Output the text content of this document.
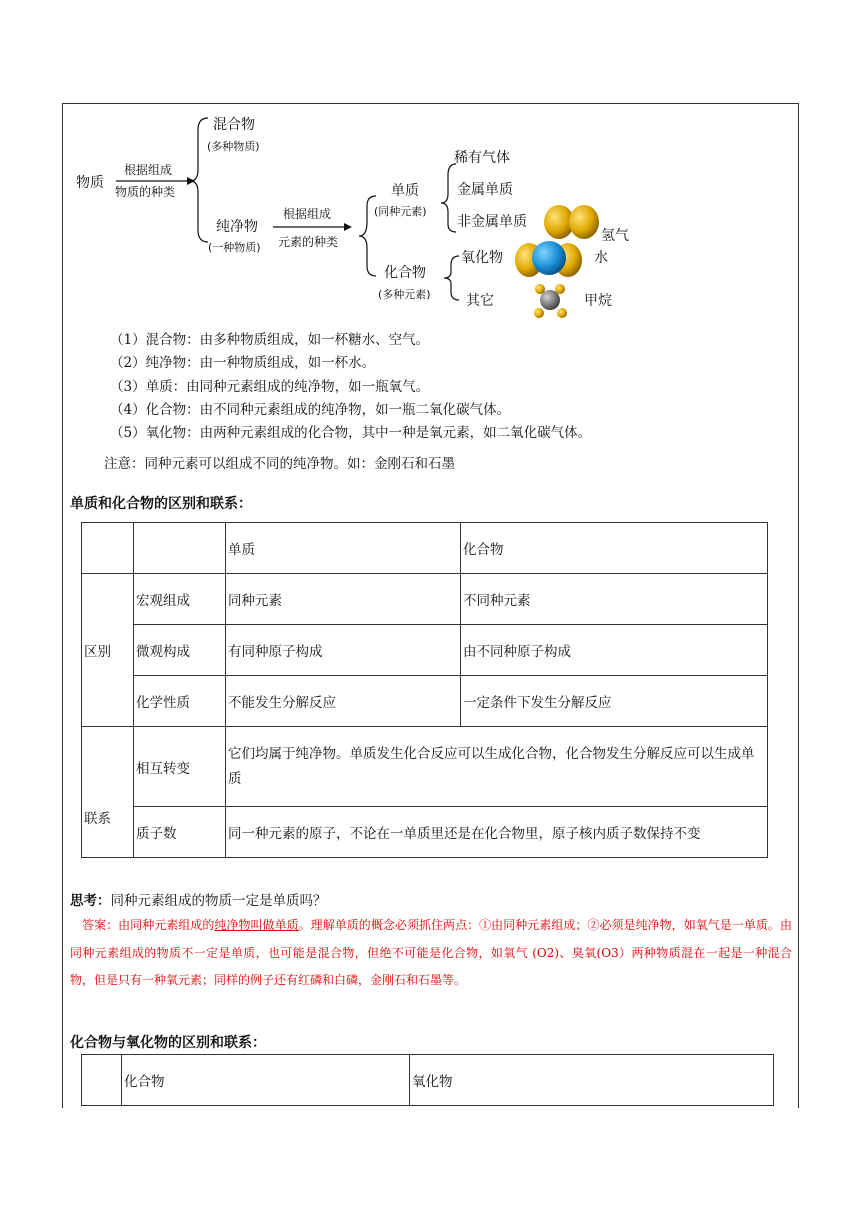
物质
根据组成
物质的种类
混合物
(多种物质)
纯净物
(一种物质)
根据组成
元素的种类
单质
(同种元素)
化合物
(多种元素)
稀有气体
金属单质
非金属单质
氧化物
其它
氢气
水
甲烷
（1）混合物：由多种物质组成，如一杯糖水、空气。
（2）纯净物：由一种物质组成，如一杯水。
（3）单质：由同种元素组成的纯净物，如一瓶氧气。
（4）化合物：由不同种元素组成的纯净物，如一瓶二氧化碳气体。
（5）氧化物：由两种元素组成的化合物，其中一种是氧元素，如二氧化碳气体。
注意：同种元素可以组成不同的纯净物。如：金刚石和石墨
单质和化合物的区别和联系：
		单质	化合物
区别	宏观组成	同种元素	不同种元素
	微观构成	有同种原子构成	由不同种原子构成
	化学性质	不能发生分解反应	一定条件下发生分解反应
联系	相互转变	它们均属于纯净物。单质发生化合反应可以生成化合物，化合物发生分解反应可以生成单质	
	质子数	同一种元素的原子，不论在一单质里还是在化合物里，原子核内质子数保持不变	
思考：同种元素组成的物质一定是单质吗？
 答案：由同种元素组成的纯净物叫做单质。理解单质的概念必须抓住两点：①由同种元素组成；②必须是纯净物，如氧气是一单质。由同种元素组成的物质不一定是单质，也可能是混合物，但绝不可能是化合物，如氧气 (O2)、臭氧(O3）两种物质混在一起是一种混合物，但是只有一种氧元素；同样的例子还有红磷和白磷，金刚石和石墨等。
化合物与氧化物的区别和联系：
	化合物	氧化物
